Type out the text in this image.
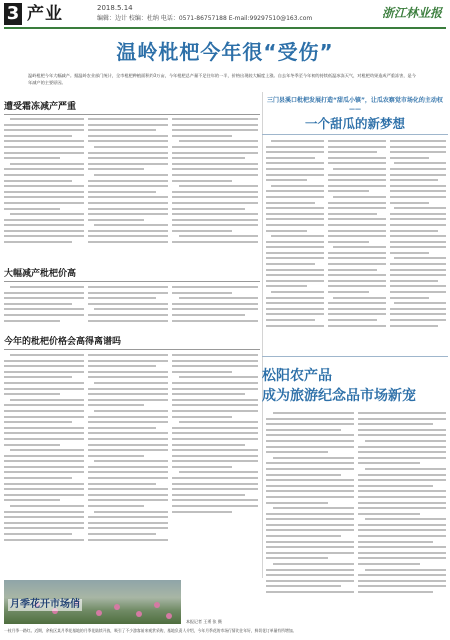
3 产业	2018.5.14
编辑：边计 校编：杜纳 电话：0571-86757188 E-mail:99297510@163.com	浙江林业报
温岭枇杷今年很“受伤”
温岭枇杷今年大幅减产。据温岭农业部门统计，全市枇杷种植面积约3万亩，今年枇杷总产量不足往年的一半，价格出现较大幅度上涨。自去年冬季至今年初的持续低温冰冻天气，对枇杷幼果造成严重冻害，是今年减产的主要原因。
遭受霜冻减产严重
大幅减产枇杷价高
今年的枇杷价格会高得离谱吗
三门县溪口枇杷发展打造“甜瓜小镇”，让瓜农察觉市场化的主动权——
一个甜瓜的新梦想
松阳农产品
成为旅游纪念品市场新宠
月季花开市场俏
本报记者 王勇 张 摄
一枝月季一路红。近期，余杭区某月季花基地的月季花陆续开放，吸引了不少游客前来观赏采购，基地负责人介绍，今年月季花的市场行情比往年好，鲜切花订单量有所增加。
